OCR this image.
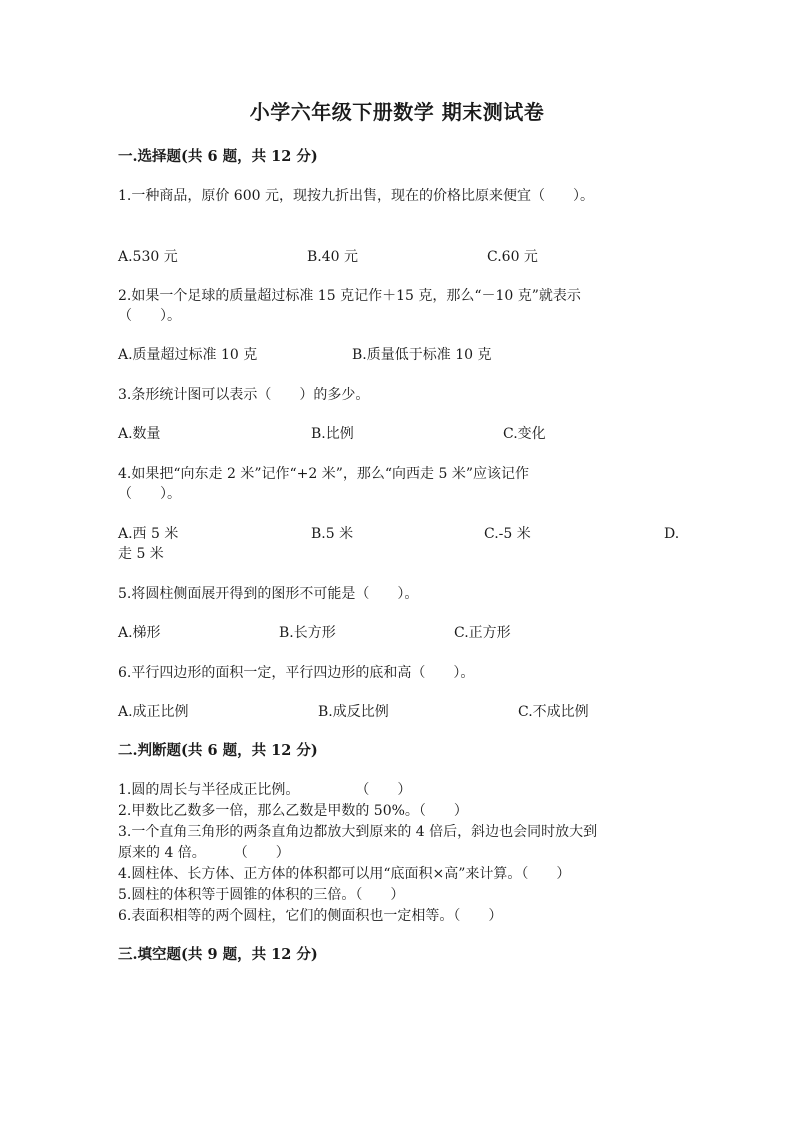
小学六年级下册数学 期末测试卷
一.选择题(共 6 题，共 12 分)
1.一种商品，原价 600 元，现按九折出售，现在的价格比原来便宜（　　）。
A.530 元	B.40 元	C.60 元
2.如果一个足球的质量超过标准 15 克记作＋15 克，那么“－10 克”就表示
（　　）。
A.质量超过标准 10 克	B.质量低于标准 10 克
3.条形统计图可以表示（　　）的多少。
A.数量	B.比例	C.变化
4.如果把“向东走 2 米”记作“+2 米”，那么“向西走 5 米”应该记作
（　　）。
A.西 5 米	B.5 米	C.-5 米	D.
走 5 米
5.将圆柱侧面展开得到的图形不可能是（　　）。
A.梯形	B.长方形	C.正方形
6.平行四边形的面积一定，平行四边形的底和高（　　）。
A.成正比例	B.成反比例	C.不成比例
二.判断题(共 6 题，共 12 分)
1.圆的周长与半径成正比例。　　　　　（　　）
2.甲数比乙数多一倍，那么乙数是甲数的 50%。（　　）
3.一个直角三角形的两条直角边都放大到原来的 4 倍后，斜边也会同时放大到
原来的 4 倍。　　　（　　）
4.圆柱体、长方体、正方体的体积都可以用“底面积×高”来计算。（　　）
5.圆柱的体积等于圆锥的体积的三倍。（　　）
6.表面积相等的两个圆柱，它们的侧面积也一定相等。（　　）
三.填空题(共 9 题，共 12 分)
